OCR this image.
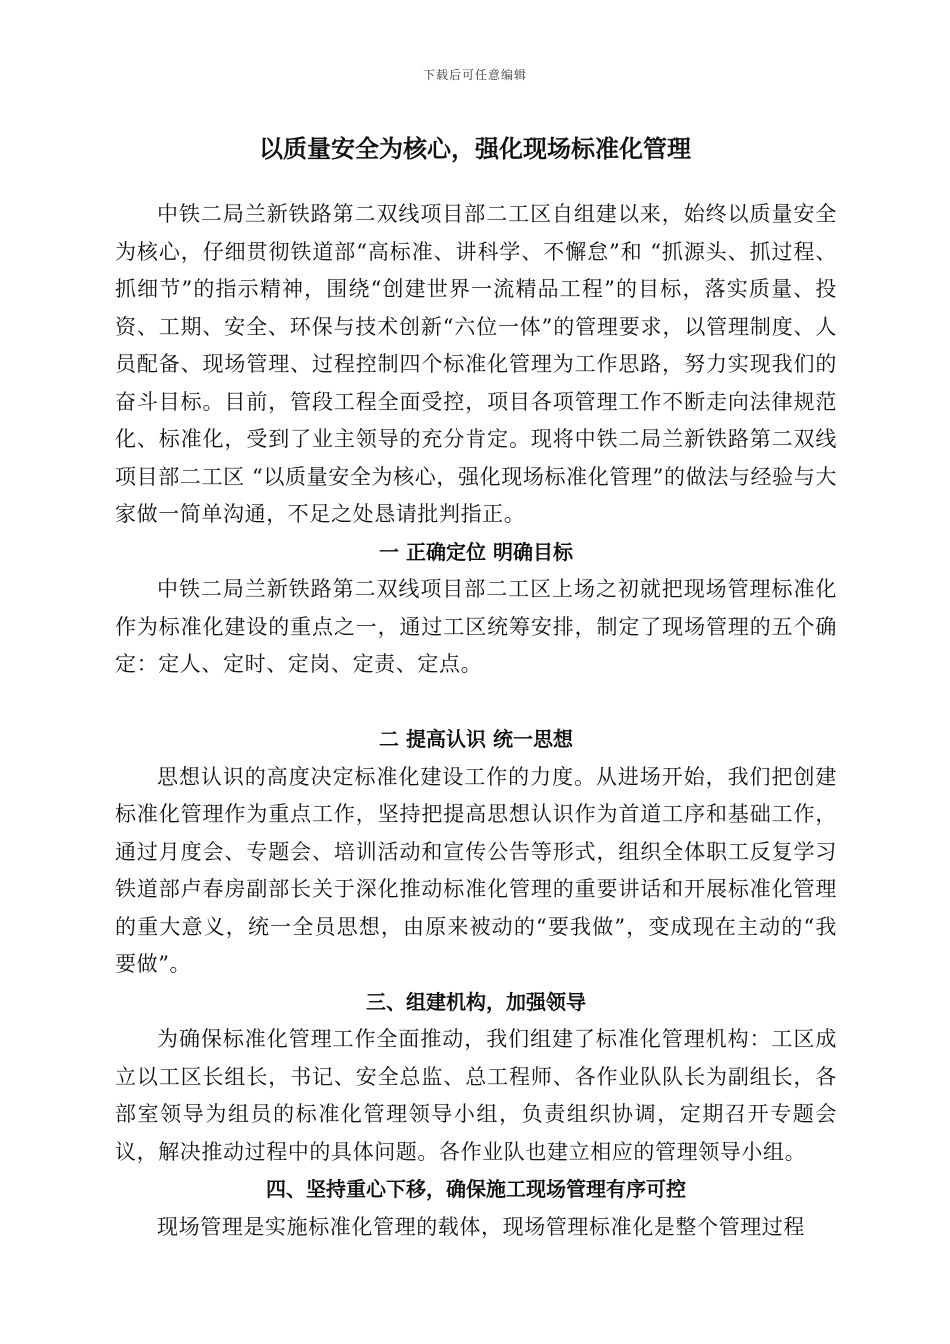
下载后可任意编辑
以质量安全为核心，强化现场标准化管理

中铁二局兰新铁路第二双线项目部二工区自组建以来，始终以质量安全为核心，仔细贯彻铁道部“高标准、讲科学、不懈怠”和 “抓源头、抓过程、抓细节”的指示精神，围绕“创建世界一流精品工程”的目标，落实质量、投资、工期、安全、环保与技术创新“六位一体”的管理要求，以管理制度、人员配备、现场管理、过程控制四个标准化管理为工作思路，努力实现我们的奋斗目标。目前，管段工程全面受控，项目各项管理工作不断走向法律规范化、标准化，受到了业主领导的充分肯定。现将中铁二局兰新铁路第二双线项目部二工区 “以质量安全为核心，强化现场标准化管理”的做法与经验与大家做一简单沟通，不足之处恳请批判指正。

一 正确定位 明确目标

中铁二局兰新铁路第二双线项目部二工区上场之初就把现场管理标准化作为标准化建设的重点之一，通过工区统筹安排，制定了现场管理的五个确定：定人、定时、定岗、定责、定点。

二 提高认识 统一思想

思想认识的高度决定标准化建设工作的力度。从进场开始，我们把创建标准化管理作为重点工作，坚持把提高思想认识作为首道工序和基础工作，通过月度会、专题会、培训活动和宣传公告等形式，组织全体职工反复学习铁道部卢春房副部长关于深化推动标准化管理的重要讲话和开展标准化管理的重大意义，统一全员思想，由原来被动的“要我做”，变成现在主动的“我要做”。

三、组建机构，加强领导

为确保标准化管理工作全面推动，我们组建了标准化管理机构：工区成立以工区长组长，书记、安全总监、总工程师、各作业队队长为副组长，各部室领导为组员的标准化管理领导小组，负责组织协调，定期召开专题会议，解决推动过程中的具体问题。各作业队也建立相应的管理领导小组。

四、坚持重心下移，确保施工现场管理有序可控

现场管理是实施标准化管理的载体，现场管理标准化是整个管理过程
